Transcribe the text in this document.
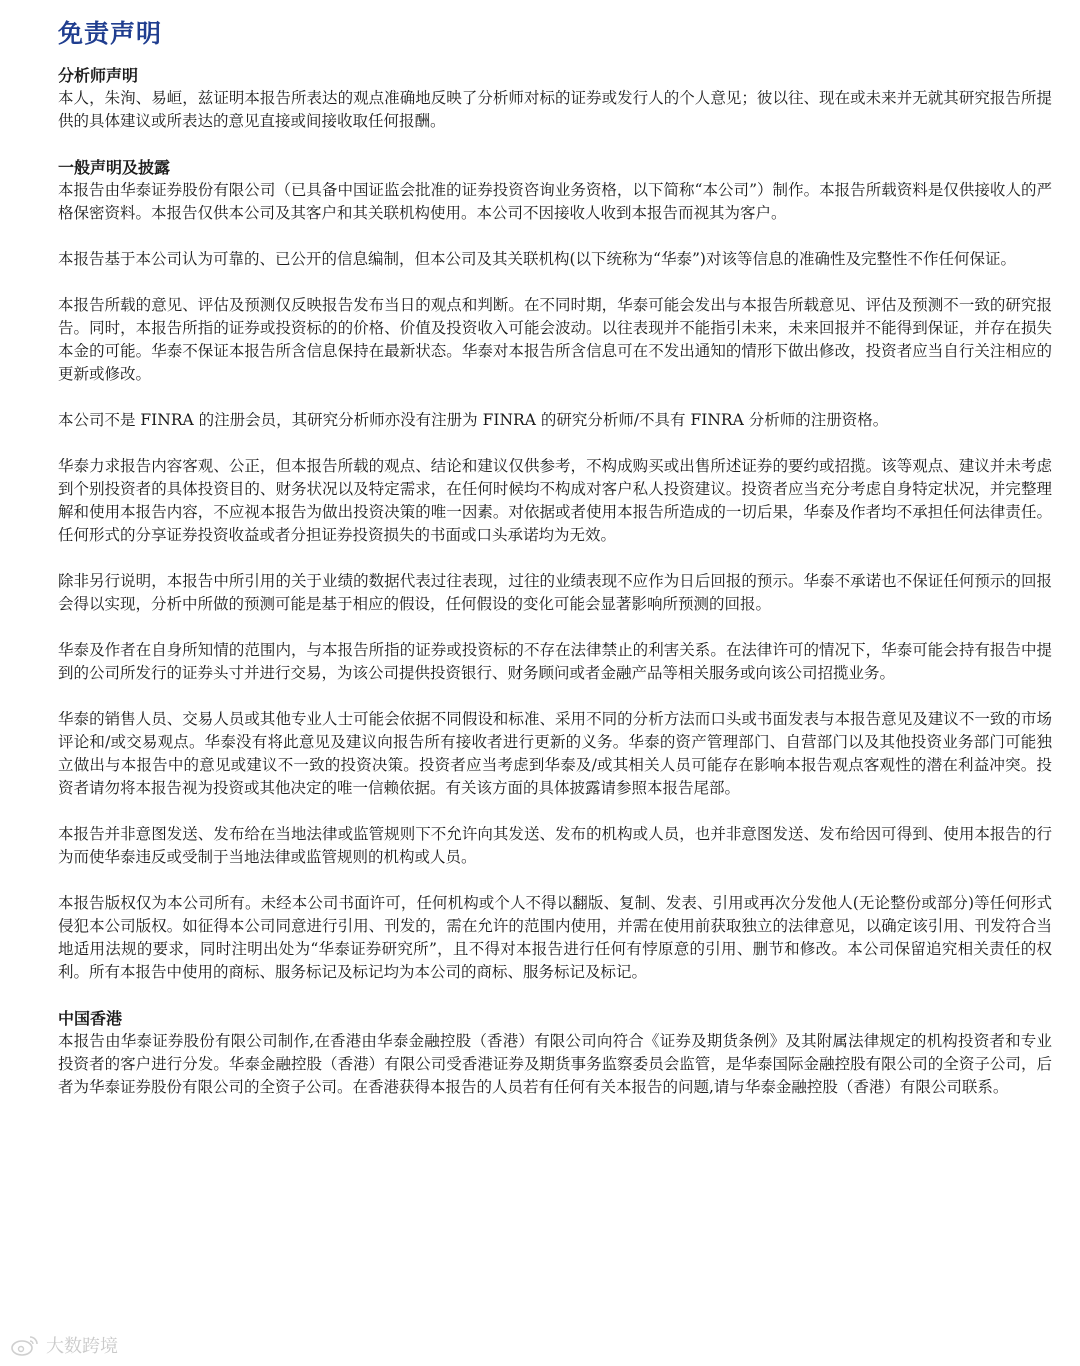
免责声明

分析师声明

本人，朱洵、易峘，兹证明本报告所表达的观点准确地反映了分析师对标的证券或发行人的个人意见；彼以往、现在或未来并无就其研究报告所提供的具体建议或所表达的意见直接或间接收取任何报酬。

一般声明及披露

本报告由华泰证券股份有限公司（已具备中国证监会批准的证券投资咨询业务资格，以下简称“本公司”）制作。本报告所载资料是仅供接收人的严格保密资料。本报告仅供本公司及其客户和其关联机构使用。本公司不因接收人收到本报告而视其为客户。

本报告基于本公司认为可靠的、已公开的信息编制，但本公司及其关联机构(以下统称为“华泰”)对该等信息的准确性及完整性不作任何保证。

本报告所载的意见、评估及预测仅反映报告发布当日的观点和判断。在不同时期，华泰可能会发出与本报告所载意见、评估及预测不一致的研究报告。同时，本报告所指的证券或投资标的的价格、价值及投资收入可能会波动。以往表现并不能指引未来，未来回报并不能得到保证，并存在损失本金的可能。华泰不保证本报告所含信息保持在最新状态。华泰对本报告所含信息可在不发出通知的情形下做出修改，投资者应当自行关注相应的更新或修改。

本公司不是 FINRA 的注册会员，其研究分析师亦没有注册为 FINRA 的研究分析师/不具有 FINRA 分析师的注册资格。

华泰力求报告内容客观、公正，但本报告所载的观点、结论和建议仅供参考，不构成购买或出售所述证券的要约或招揽。该等观点、建议并未考虑到个别投资者的具体投资目的、财务状况以及特定需求，在任何时候均不构成对客户私人投资建议。投资者应当充分考虑自身特定状况，并完整理解和使用本报告内容，不应视本报告为做出投资决策的唯一因素。对依据或者使用本报告所造成的一切后果，华泰及作者均不承担任何法律责任。任何形式的分享证券投资收益或者分担证券投资损失的书面或口头承诺均为无效。

除非另行说明，本报告中所引用的关于业绩的数据代表过往表现，过往的业绩表现不应作为日后回报的预示。华泰不承诺也不保证任何预示的回报会得以实现，分析中所做的预测可能是基于相应的假设，任何假设的变化可能会显著影响所预测的回报。

华泰及作者在自身所知情的范围内，与本报告所指的证券或投资标的不存在法律禁止的利害关系。在法律许可的情况下，华泰可能会持有报告中提到的公司所发行的证券头寸并进行交易，为该公司提供投资银行、财务顾问或者金融产品等相关服务或向该公司招揽业务。

华泰的销售人员、交易人员或其他专业人士可能会依据不同假设和标准、采用不同的分析方法而口头或书面发表与本报告意见及建议不一致的市场评论和/或交易观点。华泰没有将此意见及建议向报告所有接收者进行更新的义务。华泰的资产管理部门、自营部门以及其他投资业务部门可能独立做出与本报告中的意见或建议不一致的投资决策。投资者应当考虑到华泰及/或其相关人员可能存在影响本报告观点客观性的潜在利益冲突。投资者请勿将本报告视为投资或其他决定的唯一信赖依据。有关该方面的具体披露请参照本报告尾部。

本报告并非意图发送、发布给在当地法律或监管规则下不允许向其发送、发布的机构或人员，也并非意图发送、发布给因可得到、使用本报告的行为而使华泰违反或受制于当地法律或监管规则的机构或人员。

本报告版权仅为本公司所有。未经本公司书面许可，任何机构或个人不得以翻版、复制、发表、引用或再次分发他人(无论整份或部分)等任何形式侵犯本公司版权。如征得本公司同意进行引用、刊发的，需在允许的范围内使用，并需在使用前获取独立的法律意见，以确定该引用、刊发符合当地适用法规的要求，同时注明出处为“华泰证券研究所”，且不得对本报告进行任何有悖原意的引用、删节和修改。本公司保留追究相关责任的权利。所有本报告中使用的商标、服务标记及标记均为本公司的商标、服务标记及标记。

中国香港

本报告由华泰证券股份有限公司制作,在香港由华泰金融控股（香港）有限公司向符合《证券及期货条例》及其附属法律规定的机构投资者和专业投资者的客户进行分发。华泰金融控股（香港）有限公司受香港证券及期货事务监察委员会监管，是华泰国际金融控股有限公司的全资子公司，后者为华泰证券股份有限公司的全资子公司。在香港获得本报告的人员若有任何有关本报告的问题,请与华泰金融控股（香港）有限公司联系。

大数跨境
